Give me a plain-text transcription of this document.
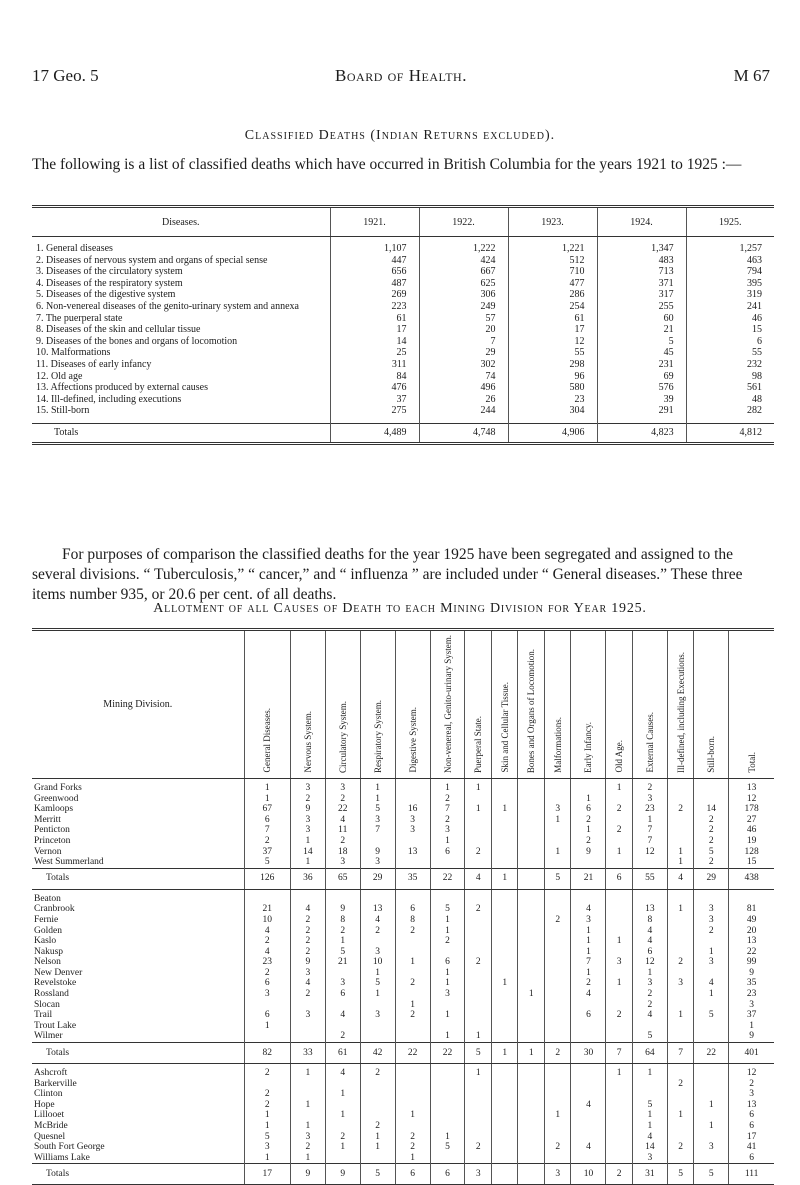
17 Geo. 5	Board of Health.	M 67
Classified Deaths (Indian Returns excluded).
The following is a list of classified deaths which have occurred in British Columbia for the years 1921 to 1925 :—
Diseases.	1921.	1922.	1923.	1924.	1925.

1. General diseases	1,107	1,222	1,221	1,347	1,257
2. Diseases of nervous system and organs of special sense	447	424	512	483	463
3. Diseases of the circulatory system	656	667	710	713	794
4. Diseases of the respiratory system	487	625	477	371	395
5. Diseases of the digestive system	269	306	286	317	319
6. Non-venereal diseases of the genito-urinary system and annexa	223	249	254	255	241
7. The puerperal state	61	57	61	60	46
8. Diseases of the skin and cellular tissue	17	20	17	21	15
9. Diseases of the bones and organs of locomotion	14	7	12	5	6
10. Malformations	25	29	55	45	55
11. Diseases of early infancy	311	302	298	231	232
12. Old age	84	74	96	69	98
13. Affections produced by external causes	476	496	580	576	561
14. Ill-defined, including executions	37	26	23	39	48
15. Still-born	275	244	304	291	282

Totals	4,489	4,748	4,906	4,823	4,812
For purposes of comparison the classified deaths for the year 1925 have been segregated and assigned to the several divisions. “ Tuberculosis,” “ cancer,” and “ influenza ” are included under “ General diseases.” These three items number 935, or 20.6 per cent. of all deaths.
Allotment of all Causes of Death to each Mining Division for Year 1925.
Mining Division.	General Diseases.	Nervous System.	Circulatory System.	Respiratory System.	Digestive System.	Non-venereal, Genito-urinary System.	Puerperal State.	Skin and Cellular Tissue.	Bones and Organs of Locomotion.	Malformations.	Early Infancy.	Old Age.	External Causes.	Ill-defined, including Executions.	Still-born.	Total.

Grand Forks	1	3	3	1		1	1					1	2			13
Greenwood	1	2	2	1		2					1		3			12
Kamloops	67	9	22	5	16	7	1	1		3	6	2	23	2	14	178
Merritt	6	3	4	3	3	2				1	2		1		2	27
Penticton	7	3	11	7	3	3					1	2	7		2	46
Princeton	2	1	2			1					2		7		2	19
Vernon	37	14	18	9	13	6	2			1	9	1	12	1	5	128
West Summerland	5	1	3	3										1	2	15
Totals	126	36	65	29	35	22	4	1		5	21	6	55	4	29	438

Beaton																
Cranbrook	21	4	9	13	6	5	2				4		13	1	3	81
Fernie	10	2	8	4	8	1				2	3		8		3	49
Golden	4	2	2	2	2	1					1		4		2	20
Kaslo	2	2	1			2					1	1	4			13
Nakusp	4	2	5	3							1		6		1	22
Nelson	23	9	21	10	1	6	2				7	3	12	2	3	99
New Denver	2	3		1		1					1		1			9
Revelstoke	6	4	3	5	2	1		1			2	1	3	3	4	35
Rossland	3	2	6	1		3			1		4		2		1	23
Slocan					1								2			3
Trail	6	3	4	3	2	1					6	2	4	1	5	37
Trout Lake	1															1
Wilmer			2			1	1						5			9
Totals	82	33	61	42	22	22	5	1	1	2	30	7	64	7	22	401

Ashcroft	2	1	4	2			1					1	1			12
Barkerville														2		2
Clinton	2		1													3
Hope	2	1									4		5		1	13
Lillooet	1		1		1					1			1	1		6
McBride	1	1		2									1		1	6
Quesnel	5	3	2	1	2	1							4			17
South Fort George	3	2	1	1	2	5	2			2	4		14	2	3	41
Williams Lake	1	1			1								3			6
Totals	17	9	9	5	6	6	3			3	10	2	31	5	5	111
